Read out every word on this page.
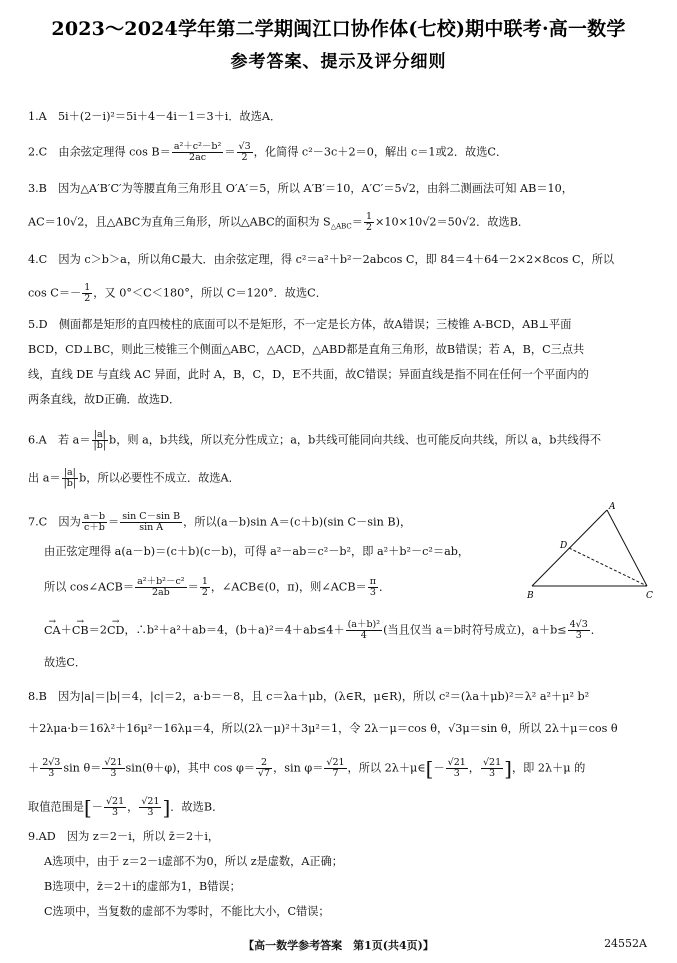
2023～2024学年第二学期闽江口协作体(七校)期中联考·高一数学
参考答案、提示及评分细则
1.A　5i＋(2－i)²＝5i＋4－4i－1＝3＋i．故选A．
2.C　由余弦定理得 $\cos B= \frac{\text{a²＋c²－b²}}{2ac} = \frac{√3}{2}$ ，化简得 c²－3c＋2＝0，解出 c＝1或2．故选C．
3.B　因为△A′B′C′为等腰直角三角形且 O′A′＝5，所以 A′B′＝10，A′C′＝5√2，由斜二测画法可知 AB＝10，
AC＝10√2，且△ABC为直角三角形，所以△ABC的面积为 $S_{\triangle ABC}= \frac{1}{2} \times 10\times 10√2=50√2$．故选B．
4.C　因为 c＞b＞a，所以角C最大．由余弦定理，得 c²＝a²＋b²－2abcos C，即 84＝4＋64－2×2×8cos C，所以
$\cos C=- \frac{1}{2}$ ，又 0°＜C＜180°，所以 C＝120°．故选C．
5.D　侧面都是矩形的直四棱柱的底面可以不是矩形，不一定是长方体，故A错误；三棱锥 A-BCD，AB⊥平面
BCD，CD⊥BC，则此三棱锥三个侧面△ABC，△ACD，△ABD都是直角三角形，故B错误；若 A，B，C三点共
线，直线 DE 与直线 AC 异面，此时 A，B，C，D，E不共面，故C错误；异面直线是指不同在任何一个平面内的
两条直线，故D正确．故选D．
6.A　若 $a= \frac{|a|}{|b|}$ b，则 a，b共线，所以充分性成立；a，b共线可能同向共线、也可能反向共线，所以 a，b共线得不
出 $a= \frac{|a|}{|b|}$ b，所以必要性不成立．故选A．
7.C　因为 $\frac{a-b}{c+b} = \frac{\text{sin C－sin B}}{\text{sin A}}$ ，所以(a－b)sin A＝(c＋b)(sin C－sin B)，
由正弦定理得 a(a－b)＝(c＋b)(c－b)，可得 a²－ab＝c²－b²，即 a²＋b²－c²＝ab，
所以 cos∠ACB＝ $\frac{\text{a²＋b²－c²}}{2ab} = \frac{1}{2}$ ，∠ACB∈(0，π)，则∠ACB＝ $\frac{\pi}{3}$ ．
→ CA＋→ CB＝2→ CD，∴b²＋a²＋ab＝4，$(b+a)^2=4+ab\le 4+ \frac{\text{(a＋b)²}}{4}$ (当且仅当 a＝b时符号成立)，$a+b\le \frac{4√3}{3}$ ．
故选C．
A
B	C
D
8.B　因为|a|＝|b|＝4，|c|＝2，a·b＝－8，且 c＝λa＋μb，(λ∈R，μ∈R)，所以 c²＝(λa＋μb)²＝λ² a²＋μ² b²
＋2λμa·b＝16λ²＋16μ²－16λμ＝4，所以(2λ－μ)²＋3μ²＝1，令 2λ－μ＝cos θ，√3μ＝sin θ，所以 2λ＋μ＝cos θ
＋ $\frac{2√3}{3}$ $\sin \theta= \frac{√21}{3} \sin(\theta+\varphi)$，其中 $\cos \varphi= \frac{2}{√7}$ ，$\sin \varphi= \frac{√21}{7}$ ，所以 2λ＋μ∈[－ $\frac{√21}{3}$ ， $\frac{√21}{3}$ ]，即 2λ＋μ 的
取值范围是[－ $\frac{√21}{3}$ ， $\frac{√21}{3}$ ]．故选B．
9.AD　因为 z＝2－i，所以 z̄＝2＋i，
A选项中，由于 z＝2－i虚部不为0，所以 z是虚数，A正确；
B选项中，z̄＝2＋i的虚部为1，B错误；
C选项中，当复数的虚部不为零时，不能比大小，C错误；
【高一数学参考答案　第1页(共4页)】	24552A
